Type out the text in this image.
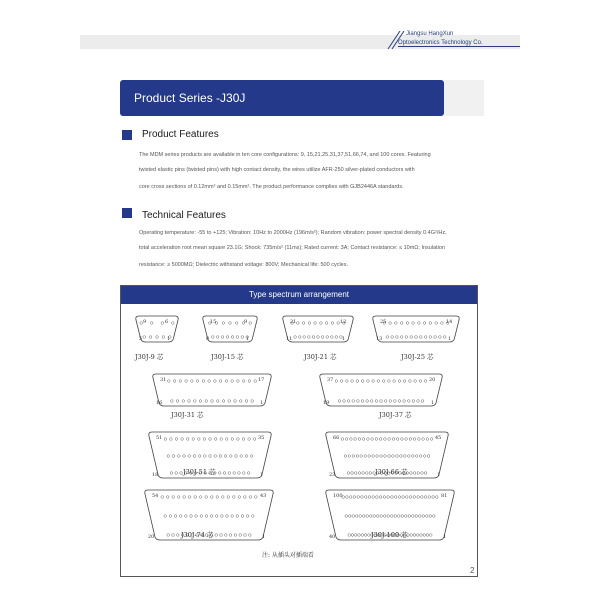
Jiangsu HangXun
Optoelectronics Technology Co.
Product Series -J30J
Product Features
The MDM series products are available in ten core configurations: 9, 15,21,25,31,37,51,66,74, and 100 cores. Featuring
twisted elastic pins (twisted pins) with high contact density, the wires utilize AFR-250 silver-plated conductors with
core cross sections of 0.12mm² and 0.15mm². The product performance complies with GJB2446A standards.
Technical Features
Operating temperature: -55 to +125; Vibration: 10Hz to 2000Hz (196m/s²); Random vibration: power spectral density 0.4G²/Hz,
total acceleration root mean square 23.1G; Shock: 735m/s² (11ms); Rated current: 3A; Contact resistance: ≤ 10mΩ; Insulation
resistance: ≥ 5000MΩ; Dielectric withstand voltage: 800V; Mechanical life: 500 cycles.
Type spectrum arrangement
9	6
5	1
J30J-9 芯
15	9
8	1
J30J-15 芯
21	12
11	1
J30J-21 芯
25	14
13	1
J30J-25 芯
31	17
16	1
J30J-31 芯
37	20
19	1
J30J-37 芯
51	35
18	1
J30J-51 芯
66	45
23	1
J30J-66 芯
54	43
20	1
J30J-74 芯
100	81
40	1
J30J-100 芯
注: 从插头对插端看
2
